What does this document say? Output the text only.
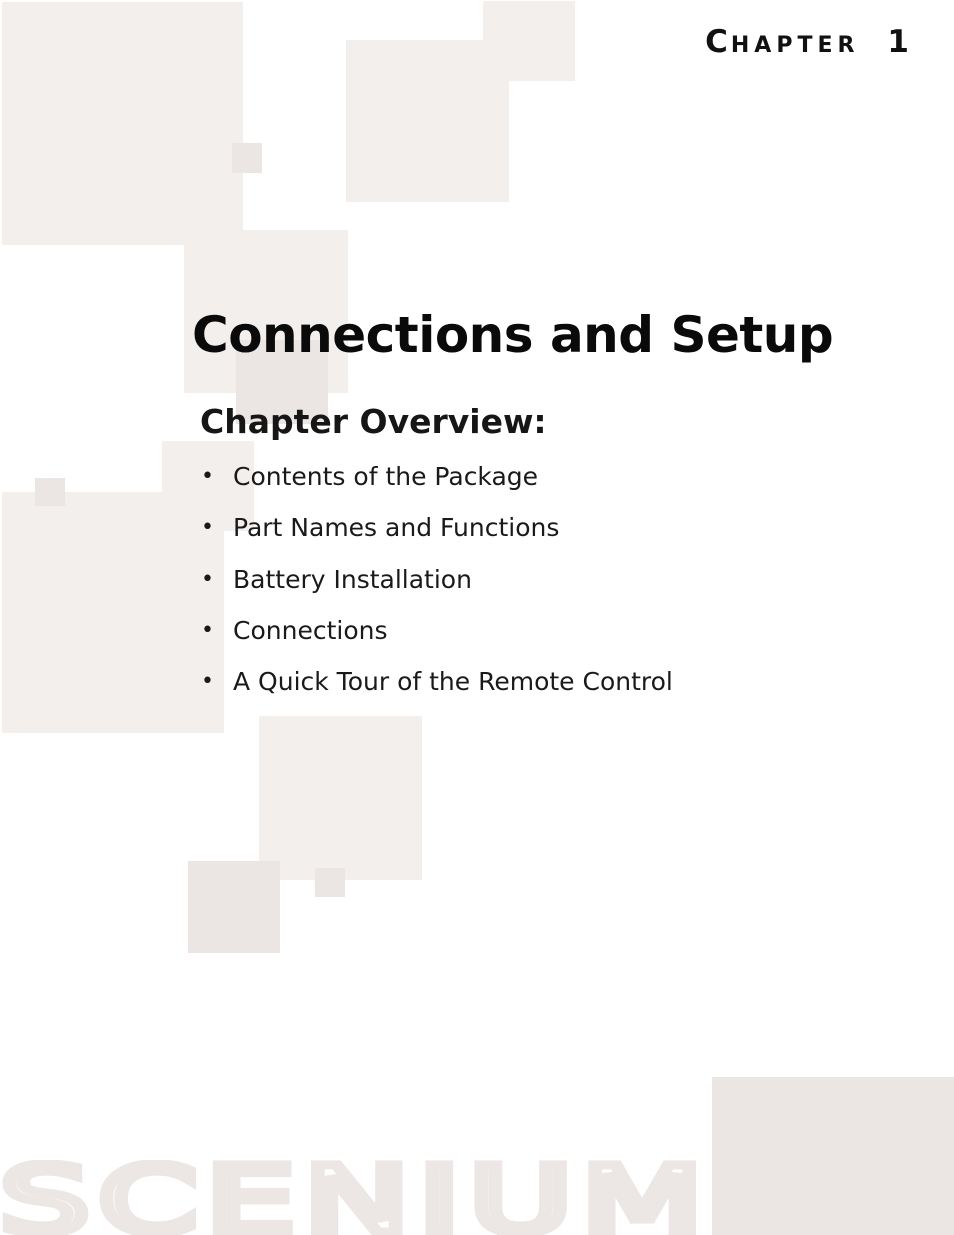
CHAPTER 1
Connections and Setup
Chapter Overview:
• Contents of the Package
• Part Names and Functions
• Battery Installation
• Connections
• A Quick Tour of the Remote Control
SCENIUM
